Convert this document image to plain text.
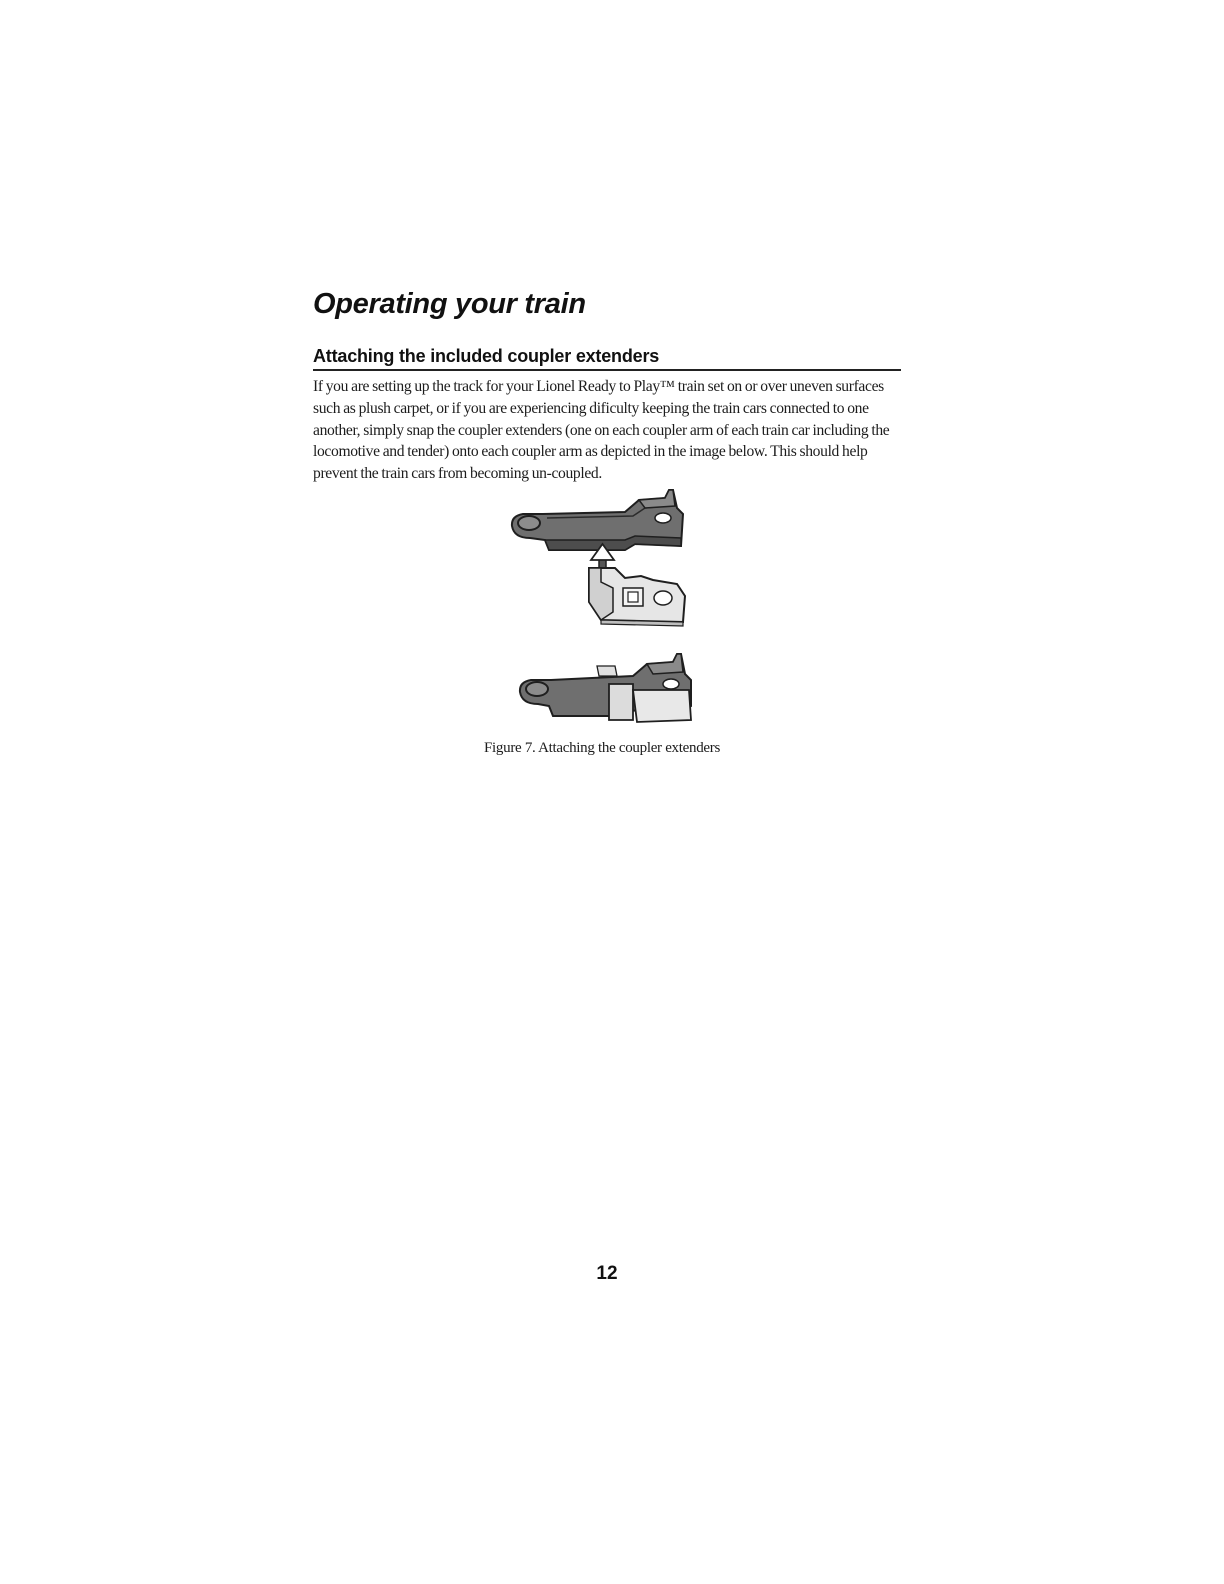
Operating your train
Attaching the included coupler extenders

If you are setting up the track for your Lionel Ready to Play™ train set on or over uneven surfaces such as plush carpet, or if you are experiencing dificulty keeping the train cars connected to one another, simply snap the coupler extenders (one on each coupler arm of each train car including the locomotive and tender) onto each coupler arm as depicted in the image below. This should help prevent the train cars from becoming un-coupled.

Figure 7. Attaching the coupler extenders

12
